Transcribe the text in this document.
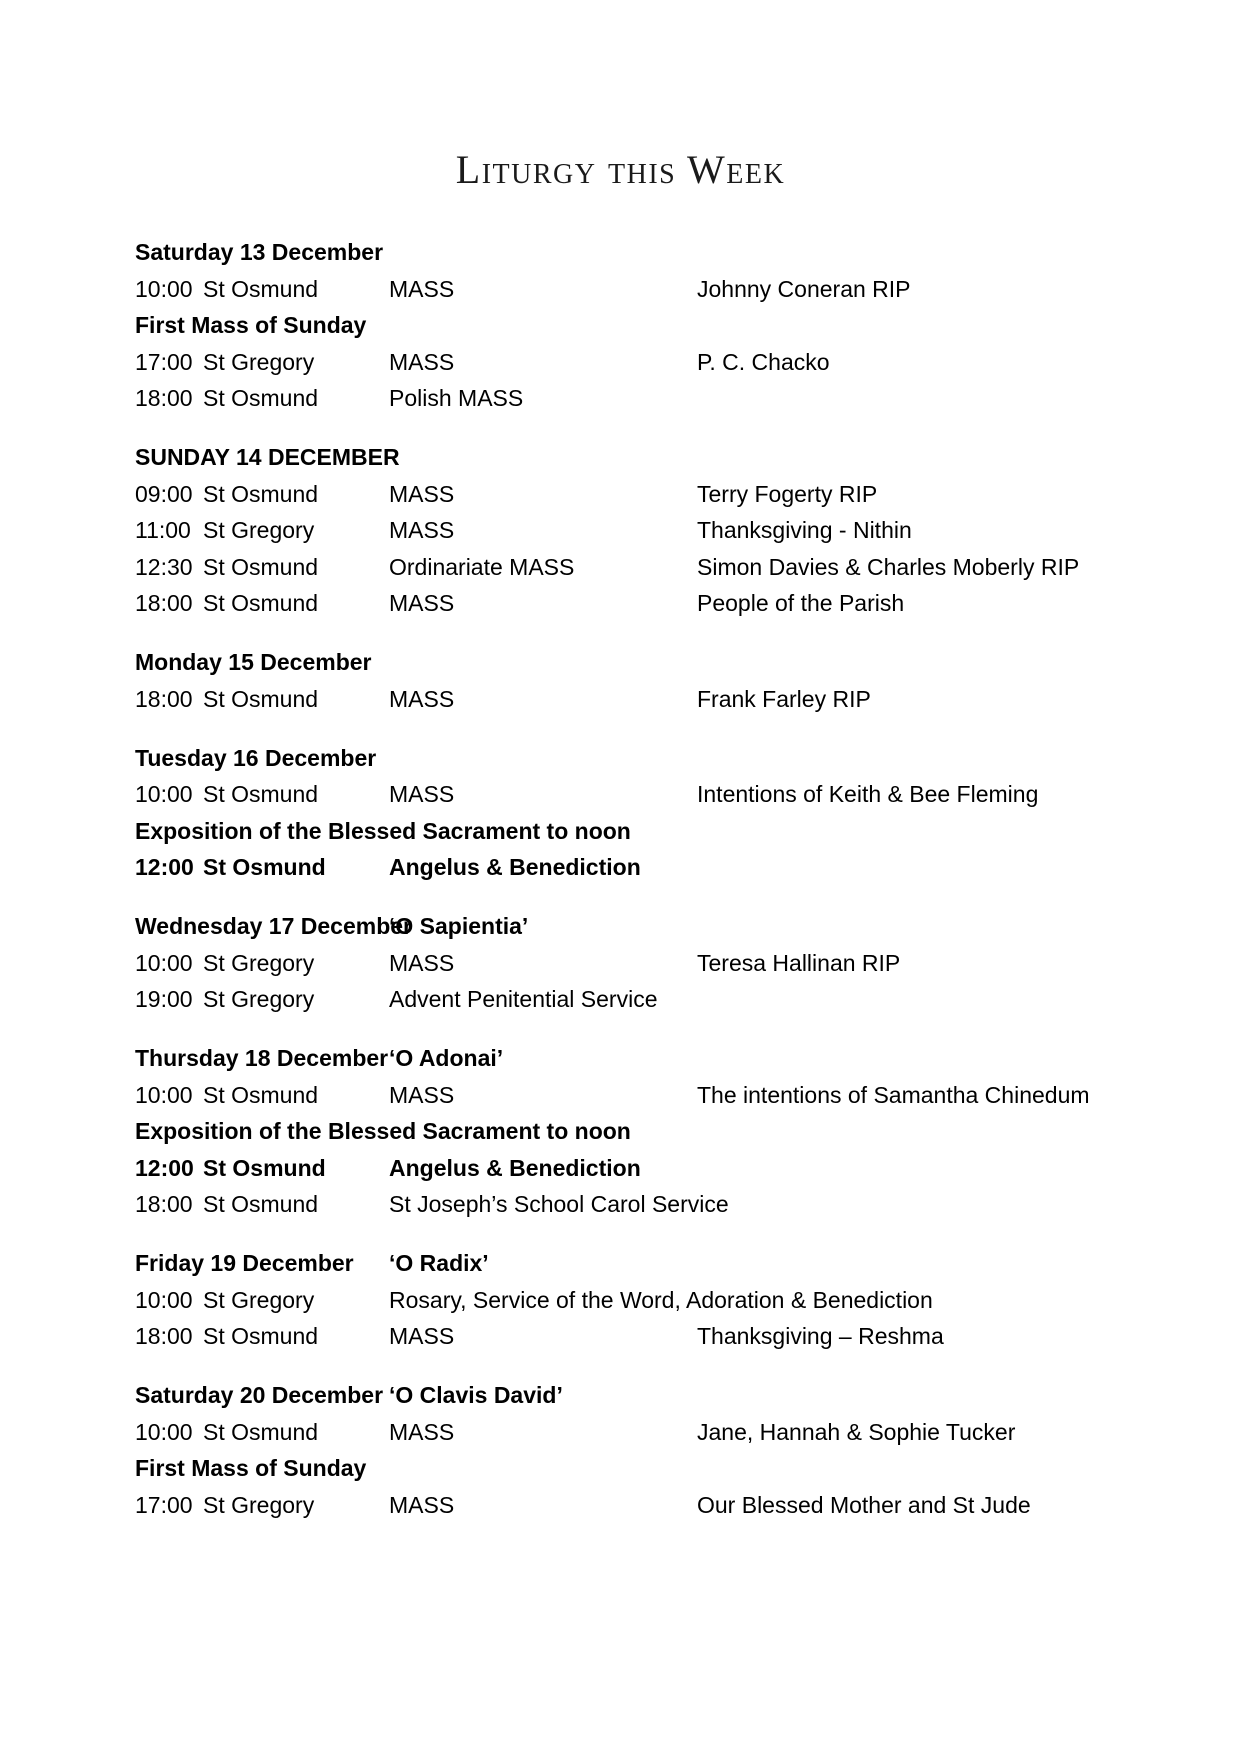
Liturgy this Week
Saturday 13 December
10:00 St Osmund	MASS	Johnny Coneran RIP
First Mass of Sunday
17:00 St Gregory	MASS	P. C. Chacko
18:00 St Osmund	Polish MASS
SUNDAY 14 DECEMBER
09:00 St Osmund	MASS	Terry Fogerty RIP
11:00 St Gregory	MASS	Thanksgiving - Nithin
12:30 St Osmund	Ordinariate MASS	Simon Davies & Charles Moberly RIP
18:00 St Osmund	MASS	People of the Parish
Monday 15 December
18:00 St Osmund	MASS	Frank Farley RIP
Tuesday 16 December
10:00 St Osmund	MASS	Intentions of Keith & Bee Fleming
Exposition of the Blessed Sacrament to noon
12:00 St Osmund	Angelus & Benediction
Wednesday 17 December
‘O Sapientia’
10:00 St Gregory	MASS	Teresa Hallinan RIP
19:00 St Gregory	Advent Penitential Service
Thursday 18 December ‘O Adonai’
10:00 St Osmund	MASS	The intentions of Samantha Chinedum
Exposition of the Blessed Sacrament to noon
12:00 St Osmund	Angelus & Benediction
18:00 St Osmund	St Joseph’s School Carol Service
Friday 19 December ‘O Radix’
10:00 St Gregory	Rosary, Service of the Word, Adoration & Benediction
18:00 St Osmund	MASS	Thanksgiving – Reshma
Saturday 20 December ‘O Clavis David’
10:00 St Osmund	MASS	Jane, Hannah & Sophie Tucker
First Mass of Sunday
17:00 St Gregory	MASS	Our Blessed Mother and St Jude
